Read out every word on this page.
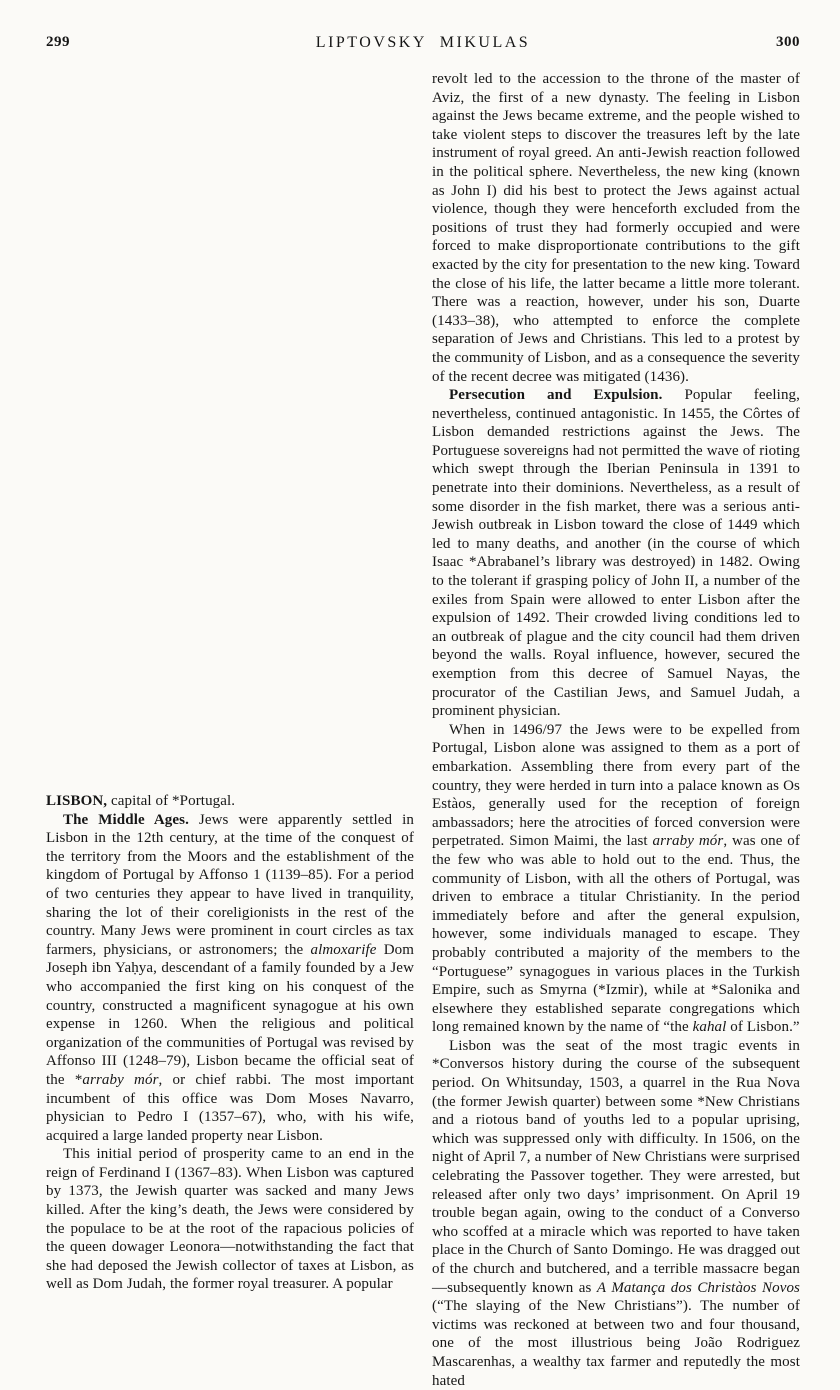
299	LIPTOVSKY MIKULAS	300

LISBON, capital of *Portugal.

The Middle Ages. Jews were apparently settled in Lisbon in the 12th century, at the time of the conquest of the territory from the Moors and the establishment of the kingdom of Portugal by Affonso 1 (1139–85). For a period of two centuries they appear to have lived in tranquility, sharing the lot of their coreligionists in the rest of the country. Many Jews were prominent in court circles as tax farmers, physicians, or astronomers; the almoxarife Dom Joseph ibn Yaḥya, descendant of a family founded by a Jew who accompanied the first king on his conquest of the country, constructed a magnificent synagogue at his own expense in 1260. When the religious and political organization of the communities of Portugal was revised by Affonso III (1248–79), Lisbon became the official seat of the *arraby mór, or chief rabbi. The most important incumbent of this office was Dom Moses Navarro, physician to Pedro I (1357–67), who, with his wife, acquired a large landed property near Lisbon.

This initial period of prosperity came to an end in the reign of Ferdinand I (1367–83). When Lisbon was captured by 1373, the Jewish quarter was sacked and many Jews killed. After the king’s death, the Jews were considered by the populace to be at the root of the rapacious policies of the queen dowager Leonora—notwithstanding the fact that she had deposed the Jewish collector of taxes at Lisbon, as well as Dom Judah, the former royal treasurer. A popular

revolt led to the accession to the throne of the master of Aviz, the first of a new dynasty. The feeling in Lisbon against the Jews became extreme, and the people wished to take violent steps to discover the treasures left by the late instrument of royal greed. An anti-Jewish reaction followed in the political sphere. Nevertheless, the new king (known as John I) did his best to protect the Jews against actual violence, though they were henceforth excluded from the positions of trust they had formerly occupied and were forced to make disproportionate contributions to the gift exacted by the city for presentation to the new king. Toward the close of his life, the latter became a little more tolerant. There was a reaction, however, under his son, Duarte (1433–38), who attempted to enforce the complete separation of Jews and Christians. This led to a protest by the community of Lisbon, and as a consequence the severity of the recent decree was mitigated (1436).

Persecution and Expulsion. Popular feeling, nevertheless, continued antagonistic. In 1455, the Côrtes of Lisbon demanded restrictions against the Jews. The Portuguese sovereigns had not permitted the wave of rioting which swept through the Iberian Peninsula in 1391 to penetrate into their dominions. Nevertheless, as a result of some disorder in the fish market, there was a serious anti-Jewish outbreak in Lisbon toward the close of 1449 which led to many deaths, and another (in the course of which Isaac *Abrabanel’s library was destroyed) in 1482. Owing to the tolerant if grasping policy of John II, a number of the exiles from Spain were allowed to enter Lisbon after the expulsion of 1492. Their crowded living conditions led to an outbreak of plague and the city council had them driven beyond the walls. Royal influence, however, secured the exemption from this decree of Samuel Nayas, the procurator of the Castilian Jews, and Samuel Judah, a prominent physician.

When in 1496/97 the Jews were to be expelled from Portugal, Lisbon alone was assigned to them as a port of embarkation. Assembling there from every part of the country, they were herded in turn into a palace known as Os Estàos, generally used for the reception of foreign ambassadors; here the atrocities of forced conversion were perpetrated. Simon Maimi, the last arraby mór, was one of the few who was able to hold out to the end. Thus, the community of Lisbon, with all the others of Portugal, was driven to embrace a titular Christianity. In the period immediately before and after the general expulsion, however, some individuals managed to escape. They probably contributed a majority of the members to the “Portuguese” synagogues in various places in the Turkish Empire, such as Smyrna (*Izmir), while at *Salonika and elsewhere they established separate congregations which long remained known by the name of “the kahal of Lisbon.”

Lisbon was the seat of the most tragic events in *Conversos history during the course of the subsequent period. On Whitsunday, 1503, a quarrel in the Rua Nova (the former Jewish quarter) between some *New Christians and a riotous band of youths led to a popular uprising, which was suppressed only with difficulty. In 1506, on the night of April 7, a number of New Christians were surprised celebrating the Passover together. They were arrested, but released after only two days’ imprisonment. On April 19 trouble began again, owing to the conduct of a Converso who scoffed at a miracle which was reported to have taken place in the Church of Santo Domingo. He was dragged out of the church and butchered, and a terrible massacre began—subsequently known as A Matança dos Christàos Novos (“The slaying of the New Christians”). The number of victims was reckoned at between two and four thousand, one of the most illustrious being João Rodriguez Mascarenhas, a wealthy tax farmer and reputedly the most hated
